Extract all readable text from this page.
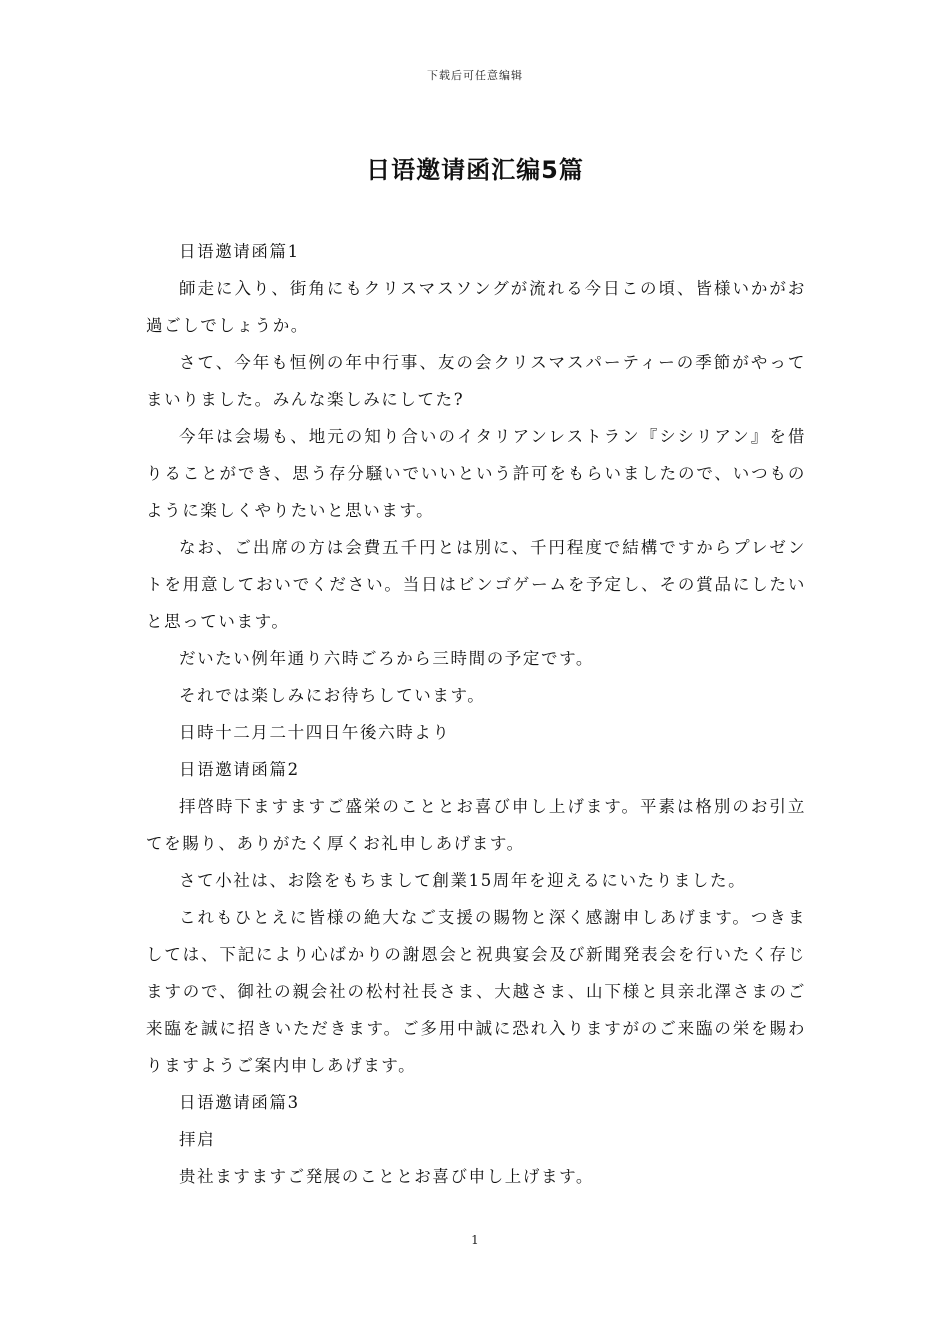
下载后可任意编辑
日语邀请函汇编5篇

日语邀请函篇1

師走に入り、街角にもクリスマスソングが流れる今日この頃、皆様いかがお過ごしでしょうか。

さて、今年も恒例の年中行事、友の会クリスマスパーティーの季節がやってまいりました。みんな楽しみにしてた?

今年は会場も、地元の知り合いのイタリアンレストラン『シシリアン』を借りることができ、思う存分騒いでいいという許可をもらいましたので、いつものように楽しくやりたいと思います。

なお、ご出席の方は会費五千円とは別に、千円程度で結構ですからプレゼントを用意しておいでください。当日はビンゴゲームを予定し、その賞品にしたいと思っています。

だいたい例年通り六時ごろから三時間の予定です。

それでは楽しみにお待ちしています。

日時十二月二十四日午後六時より

日语邀请函篇2

拝啓時下ますますご盛栄のこととお喜び申し上げます。平素は格別のお引立てを賜り、ありがたく厚くお礼申しあげます。

さて小社は、お陰をもちまして創業15周年を迎えるにいたりました。

これもひとえに皆様の絶大なご支援の賜物と深く感謝申しあげます。つきましては、下記により心ばかりの謝恩会と祝典宴会及び新聞発表会を行いたく存じますので、御社の親会社の松村社長さま、大越さま、山下様と貝亲北澤さまのご来臨を誠に招きいただきます。ご多用中誠に恐れ入りますがのご来臨の栄を賜わりますようご案内申しあげます。

日语邀请函篇3

拝启

贵社ますますご発展のこととお喜び申し上げます。

1
